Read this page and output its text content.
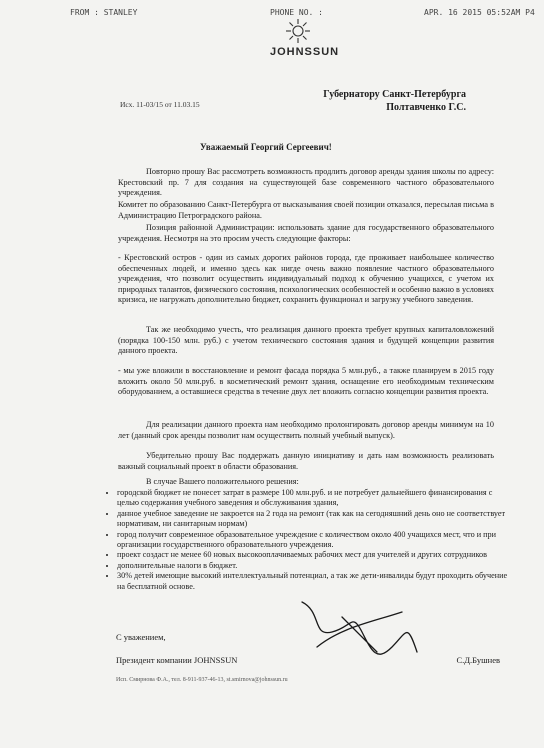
FROM : STANLEY	PHONE NO. :	APR. 16 2015 05:52AM P4
JOHNSSUN
Губернатору Санкт-Петербурга
Полтавченко Г.С.
Исх. 11-03/15 от 11.03.15
Уважаемый Георгий Сергеевич!
Повторно прошу Вас рассмотреть возможность продлить договор аренды здания школы по адресу: Крестовский пр. 7 для создания на существующей базе современного частного образовательного учреждения.
Комитет по образованию Санкт-Петербурга от высказывания своей позиции отказался, пересылая письма в Администрацию Петроградского района.
Позиция районной Администрации: использовать здание для государственного образовательного учреждения. Несмотря на это просим учесть следующие факторы:
- Крестовский остров - один из самых дорогих районов города, где проживает наибольшее количество обеспеченных людей, и именно здесь как нигде очень важно появление частного образовательного учреждения, что позволит осуществить индивидуальный подход к обучению учащихся, с учетом их природных талантов, физического состояния, психологических особенностей и особенно важно в условиях кризиса, не нагружать дополнительно бюджет, сохранить функционал и загрузку учебного заведения.
Так же необходимо учесть, что реализация данного проекта требует крупных капиталовложений (порядка 100-150 млн. руб.) с учетом технического состояния здания и будущей концепции развития данного проекта.
- мы уже вложили в восстановление и ремонт фасада порядка 5 млн.руб., а также планируем в 2015 году вложить около 50 млн.руб. в косметический ремонт здания, оснащение его необходимым техническим оборудованием, а оставшиеся средства в течение двух лет вложить согласно концепции развития проекта.
Для реализации данного проекта нам необходимо пролонгировать договор аренды минимум на 10 лет (данный срок аренды позволит нам осуществить полный учебный выпуск).
Убедительно прошу Вас поддержать данную инициативу и дать нам возможность реализовать важный социальный проект в области образования.
В случае Вашего положительного решения:
• городской бюджет не понесет затрат в размере 100 млн.руб. и не потребует дальнейшего финансирования с целью содержания учебного заведения и обслуживания здания,
• данное учебное заведение не закроется на 2 года на ремонт (так как на сегодняшний день оно не соответствует нормативам, ни санитарным нормам)
• город получит современное образовательное учреждение с количеством около 400 учащихся мест, что и при организации государственного образовательного учреждения.
• проект создаст не менее 60 новых высокооплачиваемых рабочих мест для учителей и других сотрудников
• дополнительные налоги в бюджет.
• 30% детей имеющие высокий интеллектуальный потенциал, а так же дети-инвалиды будут проходить обучение на бесплатной основе.
С уважением,
Президент компании JOHNSSUN	С.Д.Бушнев
Исп. Смирнова Ф.А., тел. 8-911-937-46-13, st.smirnova@johnssun.ru
